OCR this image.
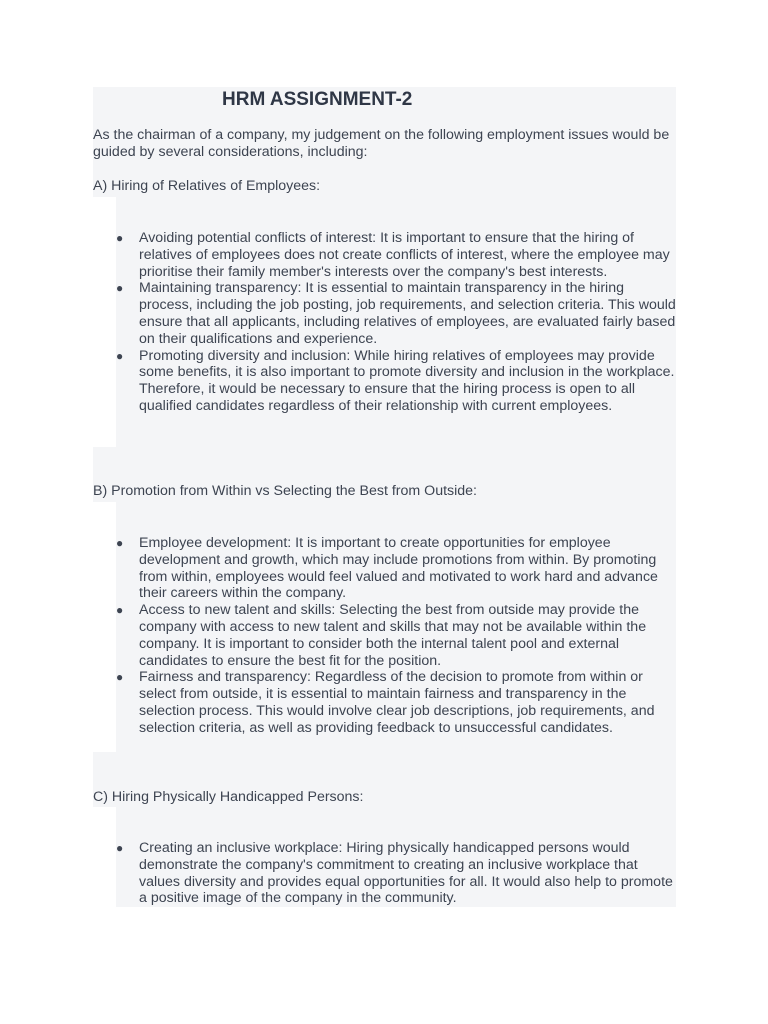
HRM ASSIGNMENT-2

As the chairman of a company, my judgement on the following employment issues would be guided by several considerations, including:

A) Hiring of Relatives of Employees:
● Avoiding potential conflicts of interest: It is important to ensure that the hiring of relatives of employees does not create conflicts of interest, where the employee may prioritise their family member's interests over the company's best interests.
● Maintaining transparency: It is essential to maintain transparency in the hiring process, including the job posting, job requirements, and selection criteria. This would ensure that all applicants, including relatives of employees, are evaluated fairly based on their qualifications and experience.
● Promoting diversity and inclusion: While hiring relatives of employees may provide some benefits, it is also important to promote diversity and inclusion in the workplace. Therefore, it would be necessary to ensure that the hiring process is open to all qualified candidates regardless of their relationship with current employees.
B) Promotion from Within vs Selecting the Best from Outside:
● Employee development: It is important to create opportunities for employee development and growth, which may include promotions from within. By promoting from within, employees would feel valued and motivated to work hard and advance their careers within the company.
● Access to new talent and skills: Selecting the best from outside may provide the company with access to new talent and skills that may not be available within the company. It is important to consider both the internal talent pool and external candidates to ensure the best fit for the position.
● Fairness and transparency: Regardless of the decision to promote from within or select from outside, it is essential to maintain fairness and transparency in the selection process. This would involve clear job descriptions, job requirements, and selection criteria, as well as providing feedback to unsuccessful candidates.
C) Hiring Physically Handicapped Persons:
● Creating an inclusive workplace: Hiring physically handicapped persons would demonstrate the company's commitment to creating an inclusive workplace that values diversity and provides equal opportunities for all. It would also help to promote a positive image of the company in the community.
